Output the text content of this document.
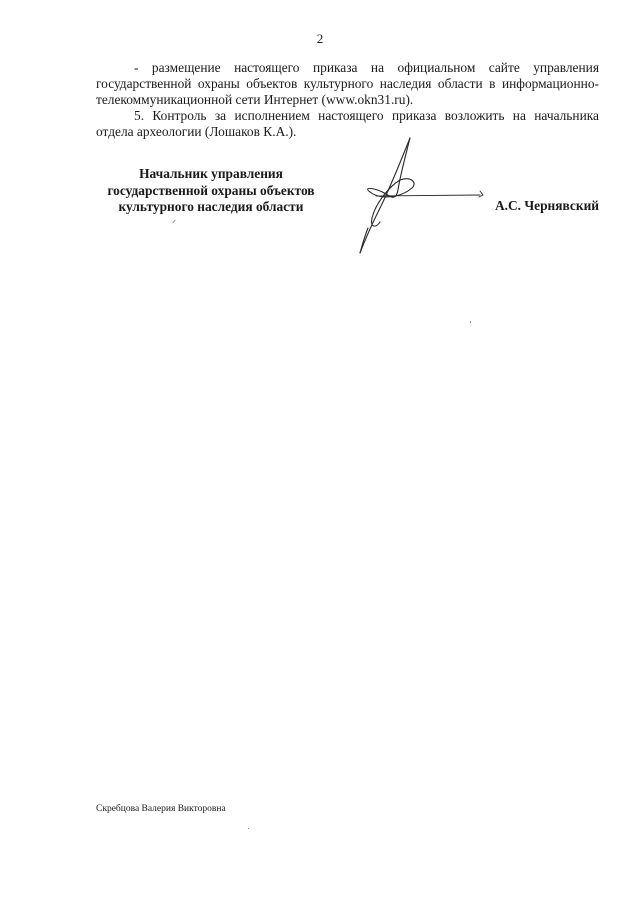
2

- размещение настоящего приказа на официальном сайте управления государственной охраны объектов культурного наследия области в информационно-телекоммуникационной сети Интернет (www.okn31.ru).

5. Контроль за исполнением настоящего приказа возложить на начальника отдела археологии (Лошаков К.А.).

Начальник управления
государственной охраны объектов
культурного наследия области	А.С. Чернявский
Скребцова Валерия Викторовна
